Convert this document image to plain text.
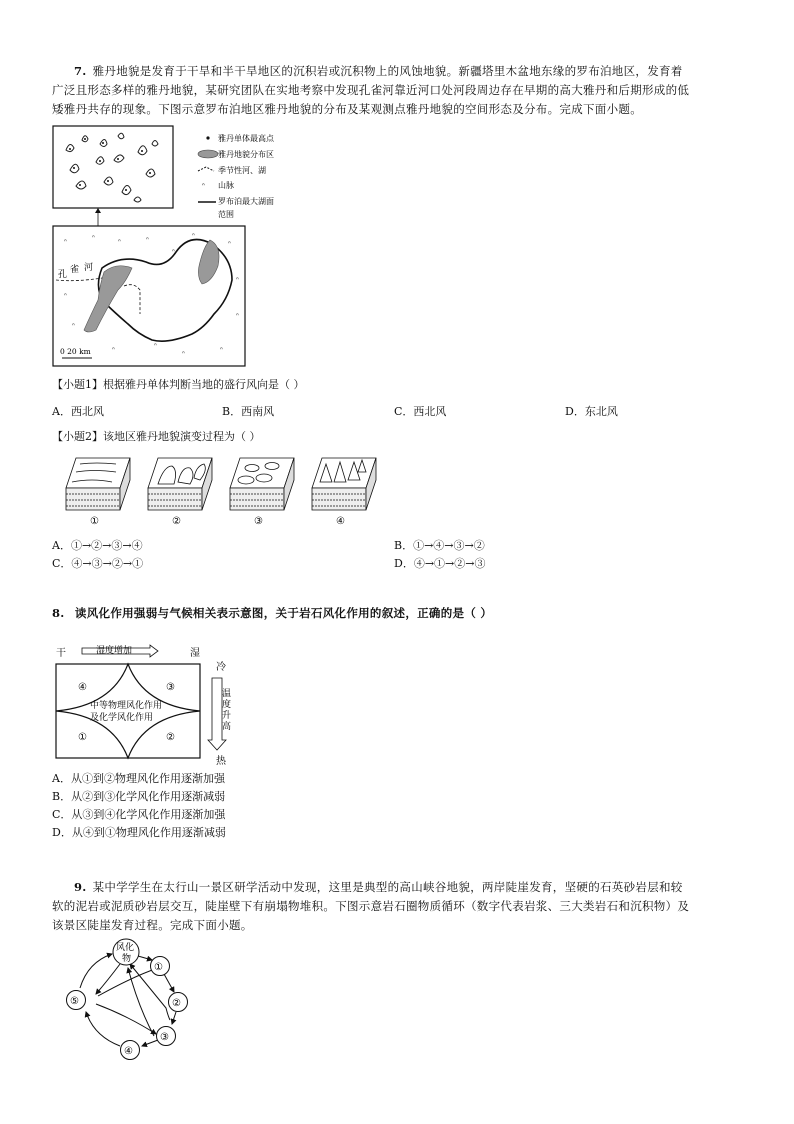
7. 雅丹地貌是发育于干旱和半干旱地区的沉积岩或沉积物上的风蚀地貌。新疆塔里木盆地东缘的罗布泊地区，发育着
广泛且形态多样的雅丹地貌，某研究团队在实地考察中发现孔雀河靠近河口处河段周边存在早期的高大雅丹和后期形成的低
矮雅丹共存的现象。下图示意罗布泊地区雅丹地貌的分布及某观测点雅丹地貌的空间形态及分布。完成下面小题。
雅丹单体最高点
雅丹地貌分布区
季节性河、湖
ᐢ 山脉
罗布泊最大湖面
范围
孔 雀 河
ᐢ	ᐢ	ᐢ	ᐢ	ᐢ
ᐢ
ᐢ
ᐢ
ᐢ
ᐢ
ᐢ
ᐢ
ᐢ
ᐢ
ᐢ
0 20 km
【小题1】根据雅丹单体判断当地的盛行风向是（ ）
A．西北风	B．西南风	C．西北风	D．东北风
【小题2】该地区雅丹地貌演变过程为（ ）
①	②	③	④
A．①→②→③→④	B．①→④→③→②
C．④→③→②→①	D．④→①→②→③
8. 读风化作用强弱与气候相关表示意图，关于岩石风化作用的叙述，正确的是（ ）
干	湿
湿度增加
④	③
①	②
中等物理风化作用
及化学风化作用
冷
温
度
升
高
热
A．从①到②物理风化作用逐渐加强
B．从②到③化学风化作用逐渐减弱
C．从③到④化学风化作用逐渐加强
D．从④到①物理风化作用逐渐减弱
9. 某中学学生在太行山一景区研学活动中发现，这里是典型的高山峡谷地貌，两岸陡崖发育，坚硬的石英砂岩层和较
软的泥岩或泥质砂岩层交互，陡崖壁下有崩塌物堆积。下图示意岩石圈物质循环（数字代表岩浆、三大类岩石和沉积物）及
该景区陡崖发育过程。完成下面小题。
风化
物
①
②
③
④
⑤
